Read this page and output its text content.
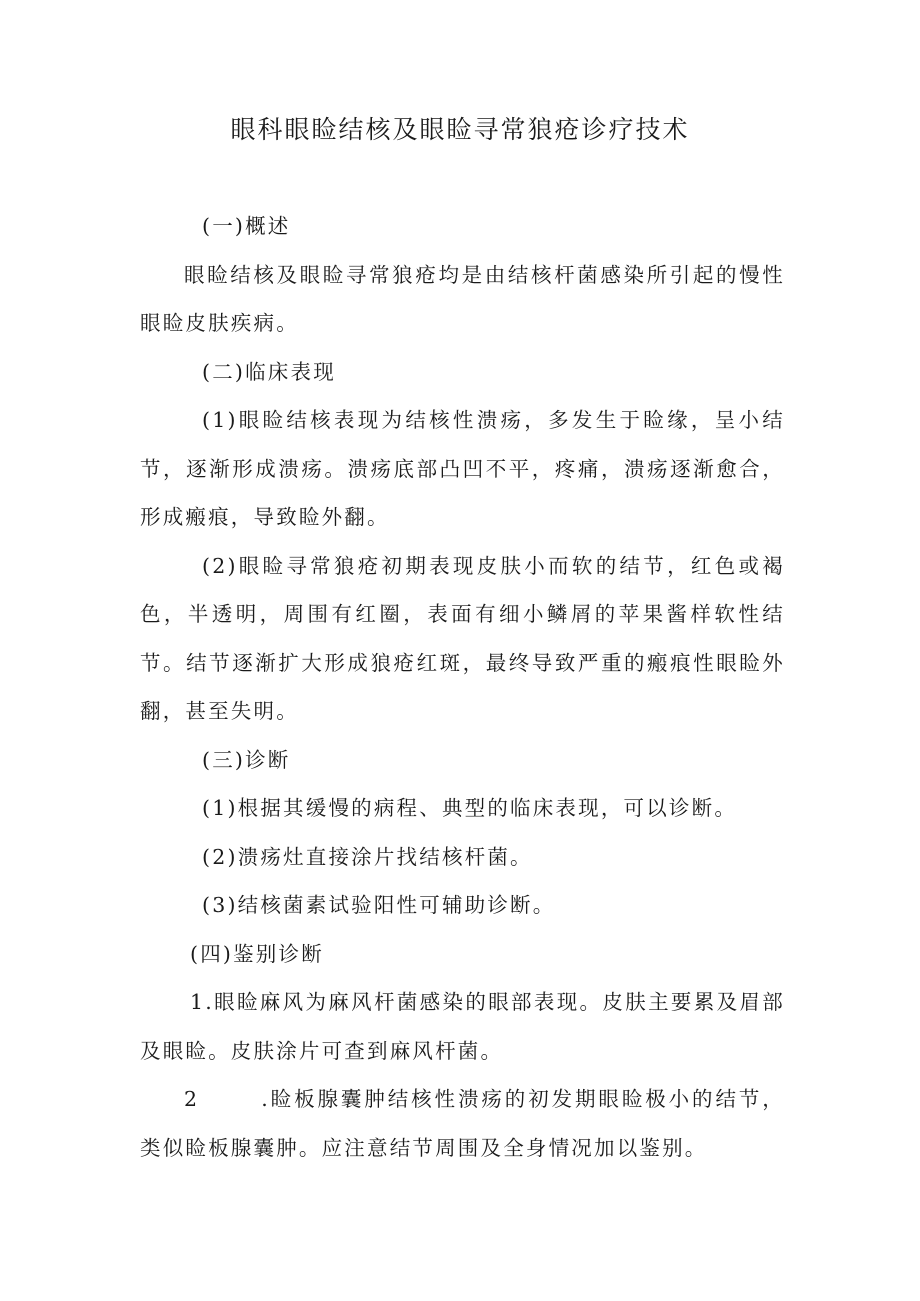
眼科眼睑结核及眼睑寻常狼疮诊疗技术

(一)概述

眼睑结核及眼睑寻常狼疮均是由结核杆菌感染所引起的慢性眼睑皮肤疾病。

(二)临床表现

(1)眼睑结核表现为结核性溃疡，多发生于睑缘，呈小结节，逐渐形成溃疡。溃疡底部凸凹不平，疼痛，溃疡逐渐愈合，形成瘢痕，导致睑外翻。

(2)眼睑寻常狼疮初期表现皮肤小而软的结节，红色或褐色，半透明，周围有红圈，表面有细小鳞屑的苹果酱样软性结节。结节逐渐扩大形成狼疮红斑，最终导致严重的瘢痕性眼睑外翻，甚至失明。

(三)诊断

(1)根据其缓慢的病程、典型的临床表现，可以诊断。

(2)溃疡灶直接涂片找结核杆菌。

(3)结核菌素试验阳性可辅助诊断。

(四)鉴别诊断

1.眼睑麻风为麻风杆菌感染的眼部表现。皮肤主要累及眉部及眼睑。皮肤涂片可查到麻风杆菌。

2	.睑板腺囊肿结核性溃疡的初发期眼睑极小的结节，类似睑板腺囊肿。应注意结节周围及全身情况加以鉴别。
